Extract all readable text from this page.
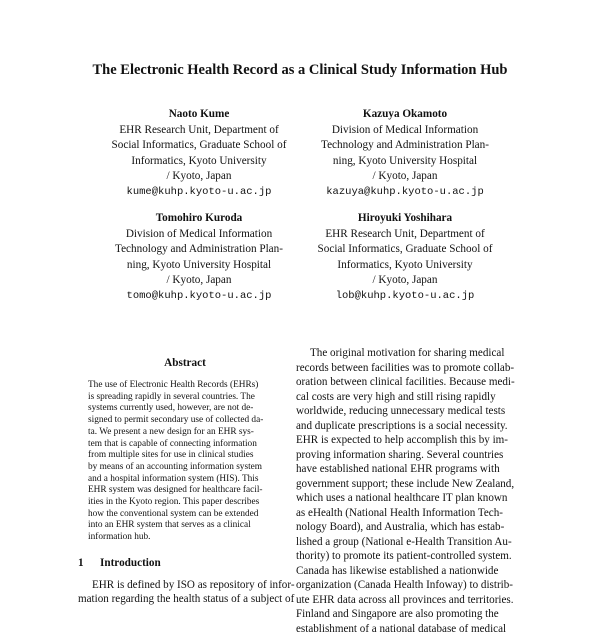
The Electronic Health Record as a Clinical Study Information Hub
Naoto Kume
EHR Research Unit, Department of
Social Informatics, Graduate School of
Informatics, Kyoto University
/ Kyoto, Japan
kume@kuhp.kyoto-u.ac.jp
Kazuya Okamoto
Division of Medical Information
Technology and Administration Plan-
ning, Kyoto University Hospital
/ Kyoto, Japan
kazuya@kuhp.kyoto-u.ac.jp
Tomohiro Kuroda
Division of Medical Information
Technology and Administration Plan-
ning, Kyoto University Hospital
/ Kyoto, Japan
tomo@kuhp.kyoto-u.ac.jp
Hiroyuki Yoshihara
EHR Research Unit, Department of
Social Informatics, Graduate School of
Informatics, Kyoto University
/ Kyoto, Japan
lob@kuhp.kyoto-u.ac.jp
Abstract
The use of Electronic Health Records (EHRs)
is spreading rapidly in several countries. The
systems currently used, however, are not de-
signed to permit secondary use of collected da-
ta. We present a new design for an EHR sys-
tem that is capable of connecting information
from multiple sites for use in clinical studies
by means of an accounting information system
and a hospital information system (HIS). This
EHR system was designed for healthcare facil-
ities in the Kyoto region. This paper describes
how the conventional system can be extended
into an EHR system that serves as a clinical
information hub.
1 Introduction
EHR is defined by ISO as repository of infor-
mation regarding the health status of a subject of
The original motivation for sharing medical
records between facilities was to promote collab-
oration between clinical facilities. Because medi-
cal costs are very high and still rising rapidly
worldwide, reducing unnecessary medical tests
and duplicate prescriptions is a social necessity.
EHR is expected to help accomplish this by im-
proving information sharing. Several countries
have established national EHR programs with
government support; these include New Zealand,
which uses a national healthcare IT plan known
as eHealth (National Health Information Tech-
nology Board), and Australia, which has estab-
lished a group (National e-Health Transition Au-
thority) to promote its patient-controlled system.
Canada has likewise established a nationwide
organization (Canada Health Infoway) to distrib-
ute EHR data across all provinces and territories.
Finland and Singapore are also promoting the
establishment of a national database of medical
